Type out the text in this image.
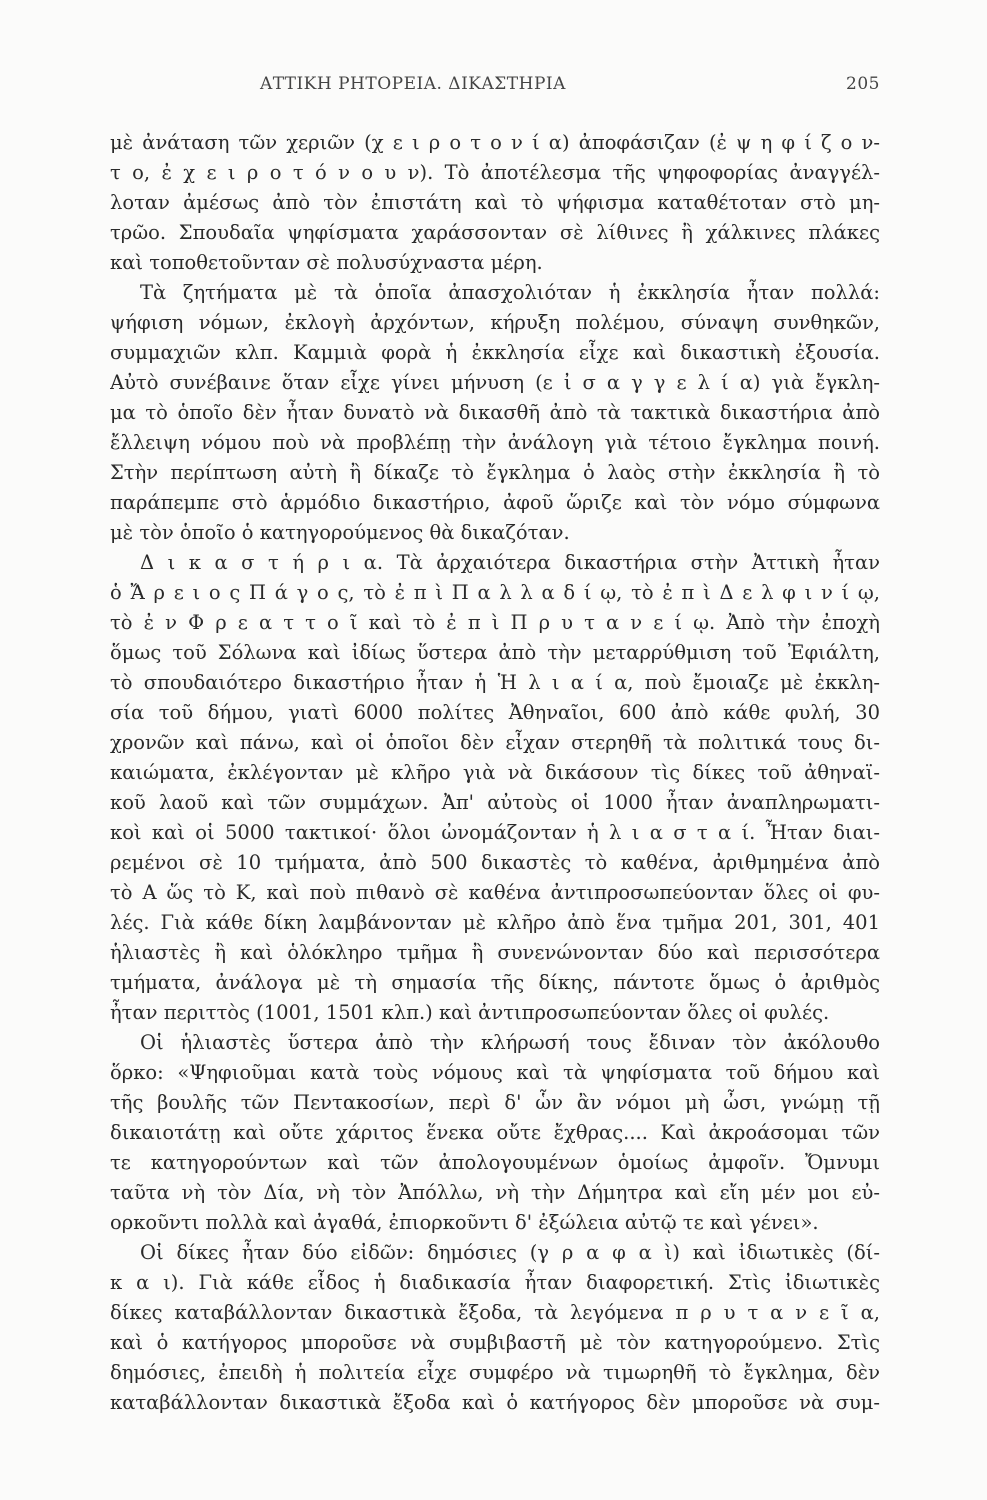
ΑΤΤΙΚΗ ΡΗΤΟΡΕΙΑ. ΔΙΚΑΣΤΗΡΙΑ	205
μὲ ἀνάταση τῶν χεριῶν (χ ε ι ρ ο τ ο ν ί α) ἀποφάσιζαν (ἐ ψ η φ ί ζ ο ν-
τ ο, ἐ χ ε ι ρ ο τ ό ν ο υ ν). Τὸ ἀποτέλεσμα τῆς ψηφοφορίας ἀναγγέλ-
λοταν ἀμέσως ἀπὸ τὸν ἐπιστάτη καὶ τὸ ψήφισμα καταθέτοταν στὸ μη-
τρῶο. Σπουδαῖα ψηφίσματα χαράσσονταν σὲ λίθινες ἢ χάλκινες πλάκες
καὶ τοποθετοῦνταν σὲ πολυσύχναστα μέρη.
Τὰ ζητήματα μὲ τὰ ὁποῖα ἀπασχολιόταν ἡ ἐκκλησία ἦταν πολλά:
ψήφιση νόμων, ἐκλογὴ ἀρχόντων, κήρυξη πολέμου, σύναψη συνθηκῶν,
συμμαχιῶν κλπ. Καμμιὰ φορὰ ἡ ἐκκλησία εἶχε καὶ δικαστικὴ ἐξουσία.
Αὐτὸ συνέβαινε ὅταν εἶχε γίνει μήνυση (ε ἰ σ α γ γ ε λ ί α) γιὰ ἔγκλη-
μα τὸ ὁποῖο δὲν ἦταν δυνατὸ νὰ δικασθῆ ἀπὸ τὰ τακτικὰ δικαστήρια ἀπὸ
ἔλλειψη νόμου ποὺ νὰ προβλέπῃ τὴν ἀνάλογη γιὰ τέτοιο ἔγκλημα ποινή.
Στὴν περίπτωση αὐτὴ ἢ δίκαζε τὸ ἔγκλημα ὁ λαὸς στὴν ἐκκλησία ἢ τὸ
παράπεμπε στὸ ἁρμόδιο δικαστήριο, ἀφοῦ ὥριζε καὶ τὸν νόμο σύμφωνα
μὲ τὸν ὁποῖο ὁ κατηγορούμενος θὰ δικαζόταν.
Δ ι κ α σ τ ή ρ ι α. Τὰ ἀρχαιότερα δικαστήρια στὴν Ἀττικὴ ἦταν
ὁ Ἄ ρ ε ι ο ς Π ά γ ο ς, τὸ ἐ π ὶ Π α λ λ α δ ί ῳ, τὸ ἐ π ὶ Δ ε λ φ ι ν ί ῳ,
τὸ ἐ ν Φ ρ ε α τ τ ο ῖ καὶ τὸ ἐ π ὶ Π ρ υ τ α ν ε ί ῳ. Ἀπὸ τὴν ἐποχὴ
ὅμως τοῦ Σόλωνα καὶ ἰδίως ὕστερα ἀπὸ τὴν μεταρρύθμιση τοῦ Ἐφιάλτη,
τὸ σπουδαιότερο δικαστήριο ἦταν ἡ Ἡ λ ι α ί α, ποὺ ἔμοιαζε μὲ ἐκκλη-
σία τοῦ δήμου, γιατὶ 6000 πολίτες Ἀθηναῖοι, 600 ἀπὸ κάθε φυλή, 30
χρονῶν καὶ πάνω, καὶ οἱ ὁποῖοι δὲν εἶχαν στερηθῆ τὰ πολιτικά τους δι-
καιώματα, ἐκλέγονταν μὲ κλῆρο γιὰ νὰ δικάσουν τὶς δίκες τοῦ ἀθηναϊ-
κοῦ λαοῦ καὶ τῶν συμμάχων. Ἀπ' αὐτοὺς οἱ 1000 ἦταν ἀναπληρωματι-
κοὶ καὶ οἱ 5000 τακτικοί· ὅλοι ὠνομάζονταν ἡ λ ι α σ τ α ί. Ἦταν διαι-
ρεμένοι σὲ 10 τμήματα, ἀπὸ 500 δικαστὲς τὸ καθένα, ἀριθμημένα ἀπὸ
τὸ Α ὥς τὸ Κ, καὶ ποὺ πιθανὸ σὲ καθένα ἀντιπροσωπεύονταν ὅλες οἱ φυ-
λές. Γιὰ κάθε δίκη λαμβάνονταν μὲ κλῆρο ἀπὸ ἕνα τμῆμα 201, 301, 401
ἡλιαστὲς ἢ καὶ ὁλόκληρο τμῆμα ἢ συνενώνονταν δύο καὶ περισσότερα
τμήματα, ἀνάλογα μὲ τὴ σημασία τῆς δίκης, πάντοτε ὅμως ὁ ἀριθμὸς
ἦταν περιττὸς (1001, 1501 κλπ.) καὶ ἀντιπροσωπεύονταν ὅλες οἱ φυλές.
Οἱ ἡλιαστὲς ὕστερα ἀπὸ τὴν κλήρωσή τους ἔδιναν τὸν ἀκόλουθο
ὅρκο: «Ψηφιοῦμαι κατὰ τοὺς νόμους καὶ τὰ ψηφίσματα τοῦ δήμου καὶ
τῆς βουλῆς τῶν Πεντακοσίων, περὶ δ' ὧν ἂν νόμοι μὴ ὦσι, γνώμῃ τῇ
δικαιοτάτῃ καὶ οὔτε χάριτος ἕνεκα οὔτε ἔχθρας.... Καὶ ἀκροάσομαι τῶν
τε κατηγορούντων καὶ τῶν ἀπολογουμένων ὁμοίως ἀμφοῖν. Ὄμνυμι
ταῦτα νὴ τὸν Δία, νὴ τὸν Ἀπόλλω, νὴ τὴν Δήμητρα καὶ εἴη μέν μοι εὐ-
ορκοῦντι πολλὰ καὶ ἀγαθά, ἐπιορκοῦντι δ' ἐξώλεια αὐτῷ τε καὶ γένει».
Οἱ δίκες ἦταν δύο εἰδῶν: δημόσιες (γ ρ α φ α ὶ) καὶ ἰδιωτικὲς (δί-
κ α ι). Γιὰ κάθε εἶδος ἡ διαδικασία ἦταν διαφορετική. Στὶς ἰδιωτικὲς
δίκες καταβάλλονταν δικαστικὰ ἔξοδα, τὰ λεγόμενα π ρ υ τ α ν ε ῖ α,
καὶ ὁ κατήγορος μποροῦσε νὰ συμβιβαστῆ μὲ τὸν κατηγορούμενο. Στὶς
δημόσιες, ἐπειδὴ ἡ πολιτεία εἶχε συμφέρο νὰ τιμωρηθῆ τὸ ἔγκλημα, δὲν
καταβάλλονταν δικαστικὰ ἔξοδα καὶ ὁ κατήγορος δὲν μποροῦσε νὰ συμ-
